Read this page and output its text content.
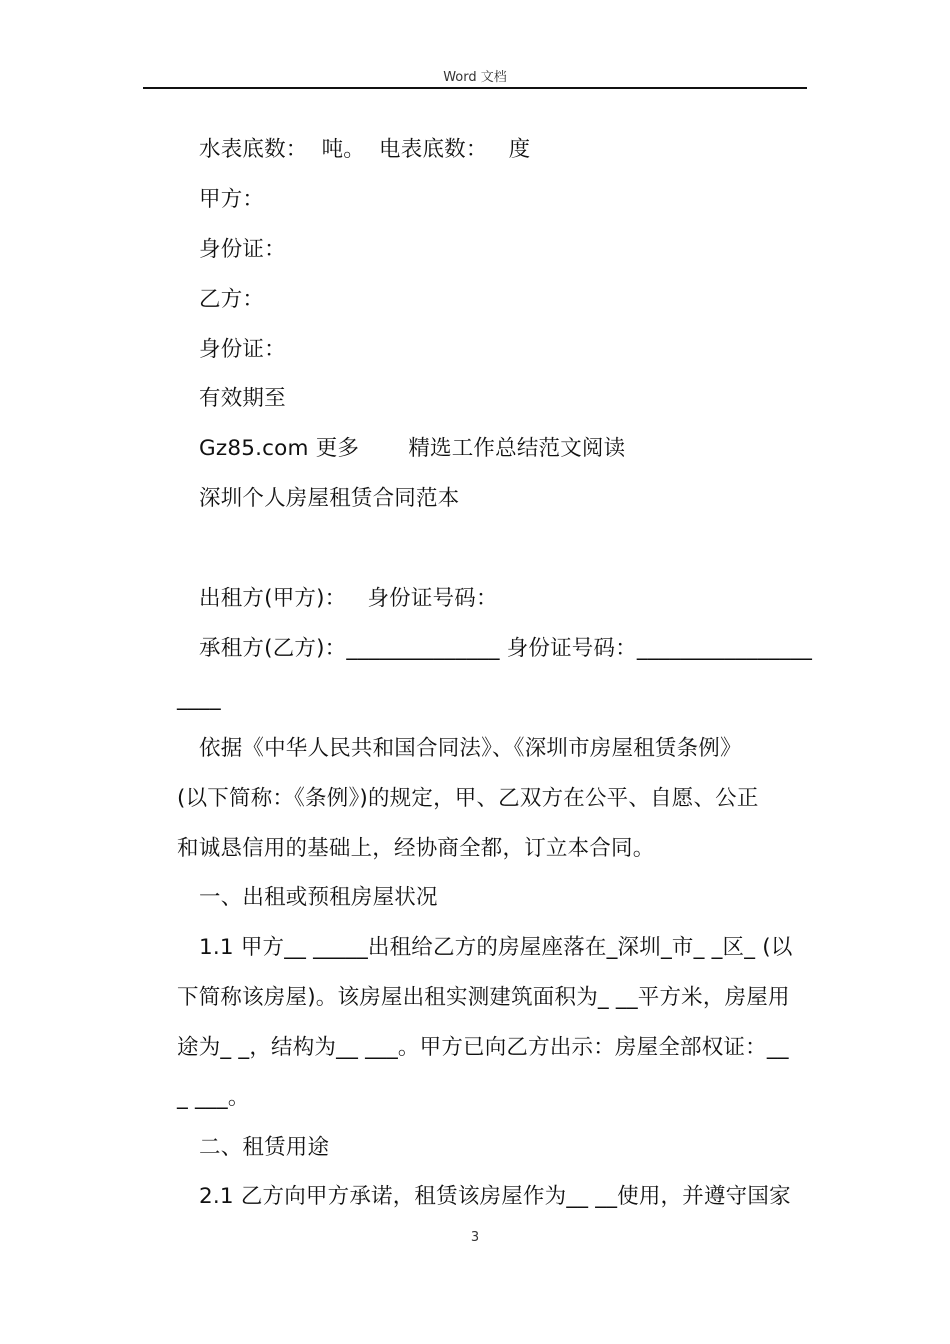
Word 文档
水表底数：  吨。  电表底数：   度
甲方：
身份证：
乙方：
身份证：
有效期至
Gz85.com 更多       精选工作总结范文阅读
深圳个人房屋租赁合同范本
出租方(甲方)：   身份证号码：
承租方(乙方)：______________ 身份证号码：________________
____
依据《中华人民共和国合同法》、《深圳市房屋租赁条例》
(以下简称：《条例》)的规定，甲、乙双方在公平、自愿、公正
和诚恳信用的基础上，经协商全都，订立本合同。
一、出租或预租房屋状况
1.1 甲方__ _____出租给乙方的房屋座落在_深圳_市_ _区_ (以
下简称该房屋)。该房屋出租实测建筑面积为_ __平方米，房屋用
途为_ _，结构为__ ___。甲方已向乙方出示：房屋全部权证：__
_ ___。
二、租赁用途
2.1 乙方向甲方承诺，租赁该房屋作为__ __使用，并遵守国家
3
